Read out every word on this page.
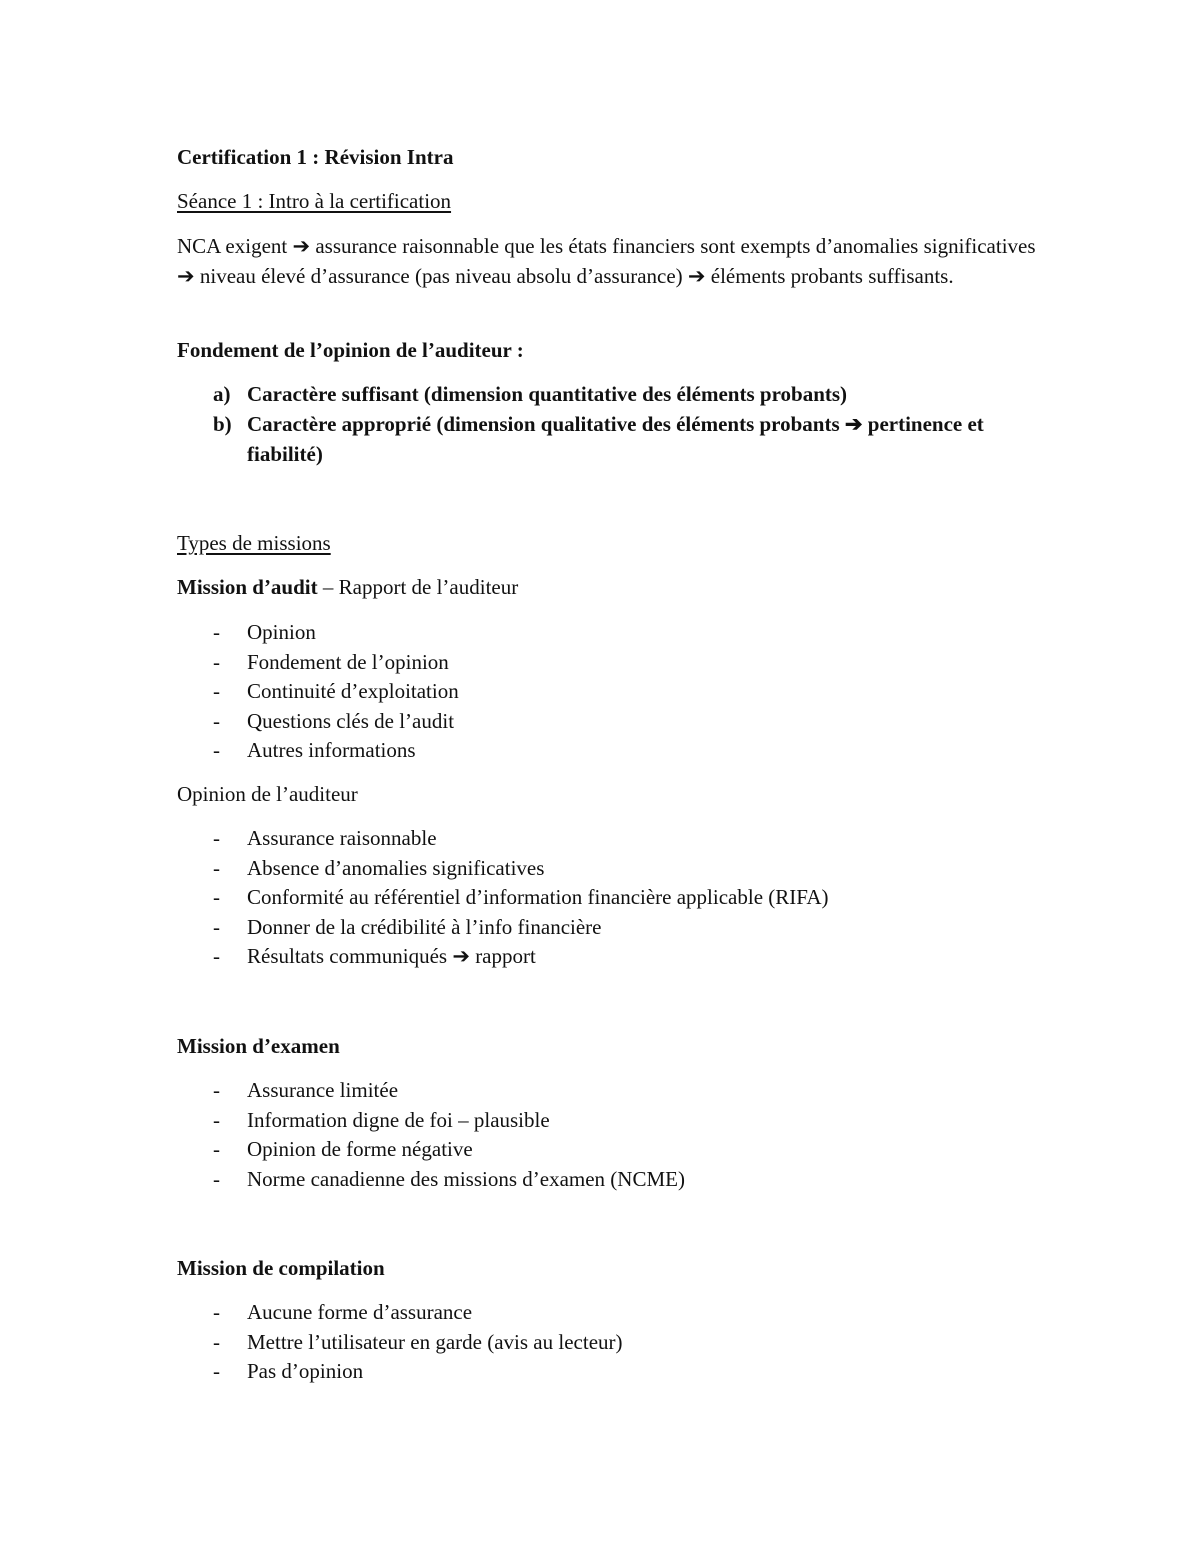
Certification 1 : Révision Intra
Séance 1 : Intro à la certification
NCA exigent ➔ assurance raisonnable que les états financiers sont exempts d’anomalies significatives ➔ niveau élevé d’assurance (pas niveau absolu d’assurance) ➔ éléments probants suffisants.
Fondement de l’opinion de l’auditeur :
a) Caractère suffisant (dimension quantitative des éléments probants)
b) Caractère approprié (dimension qualitative des éléments probants ➔ pertinence et fiabilité)
Types de missions
Mission d’audit – Rapport de l’auditeur
- Opinion
- Fondement de l’opinion
- Continuité d’exploitation
- Questions clés de l’audit
- Autres informations
Opinion de l’auditeur
- Assurance raisonnable
- Absence d’anomalies significatives
- Conformité au référentiel d’information financière applicable (RIFA)
- Donner de la crédibilité à l’info financière
- Résultats communiqués ➔ rapport
Mission d’examen
- Assurance limitée
- Information digne de foi – plausible
- Opinion de forme négative
- Norme canadienne des missions d’examen (NCME)
Mission de compilation
- Aucune forme d’assurance
- Mettre l’utilisateur en garde (avis au lecteur)
- Pas d’opinion
